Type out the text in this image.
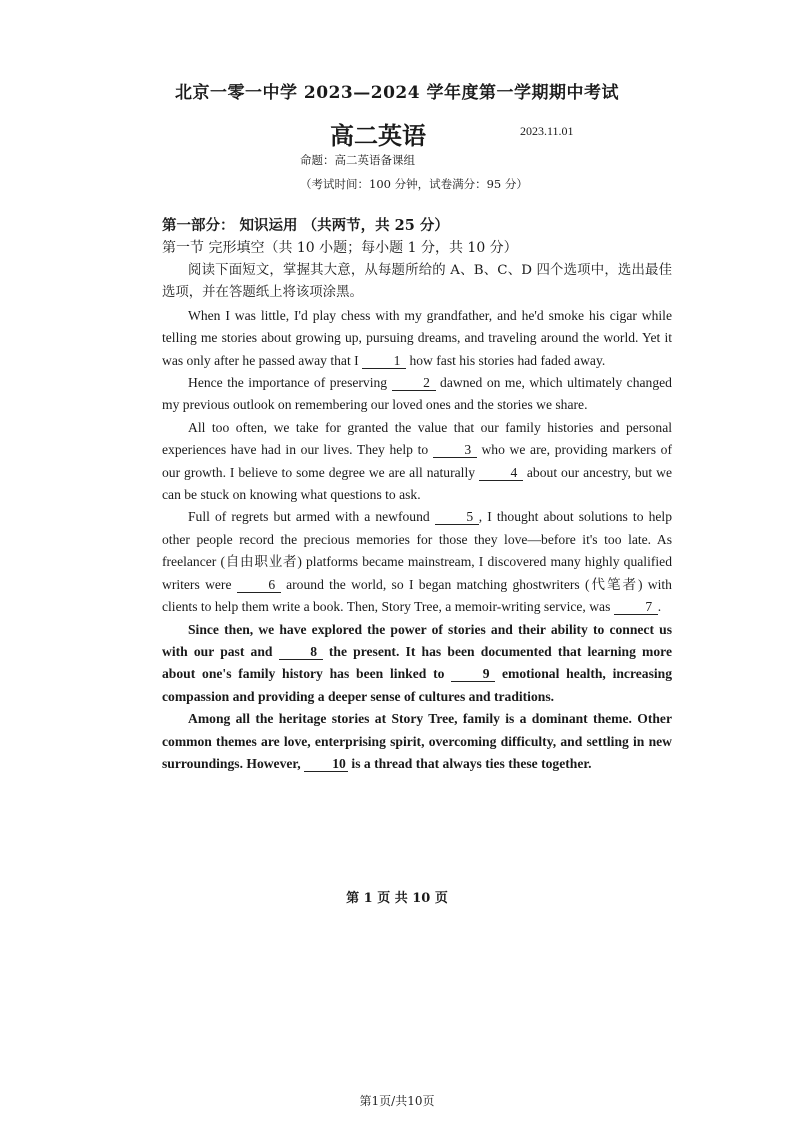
北京一零一中学 2023—2024 学年度第一学期期中考试
高二英语	2023.11.01
命题：高二英语备课组
（考试时间：100 分钟，试卷满分：95 分）
第一部分： 知识运用 （共两节，共 25 分）
第一节 完形填空（共 10 小题；每小题 1 分，共 10 分）

阅读下面短文，掌握其大意，从每题所给的 A、B、C、D 四个选项中，选出最佳选项，并在答题纸上将该项涂黑。

When I was little, I'd play chess with my grandfather, and he'd smoke his cigar while telling me stories about growing up, pursuing dreams, and traveling around the world. Yet it was only after he passed away that I 1 how fast his stories had faded away.

Hence the importance of preserving 2 dawned on me, which ultimately changed my previous outlook on remembering our loved ones and the stories we share.

All too often, we take for granted the value that our family histories and personal experiences have had in our lives. They help to 3 who we are, providing markers of our growth. I believe to some degree we are all naturally 4 about our ancestry, but we can be stuck on knowing what questions to ask.

Full of regrets but armed with a newfound 5 , I thought about solutions to help other people record the precious memories for those they love—before it's too late. As freelancer (自由职业者) platforms became mainstream, I discovered many highly qualified writers were 6 around the world, so I began matching ghostwriters (代笔者) with clients to help them write a book. Then, Story Tree, a memoir-writing service, was 7 .

Since then, we have explored the power of stories and their ability to connect us with our past and 8 the present. It has been documented that learning more about one's family history has been linked to 9 emotional health, increasing compassion and providing a deeper sense of cultures and traditions.

Among all the heritage stories at Story Tree, family is a dominant theme. Other common themes are love, enterprising spirit, overcoming difficulty, and settling in new surroundings. However, 10 is a thread that always ties these together.

第 1 页 共 10 页
第1页/共10页
